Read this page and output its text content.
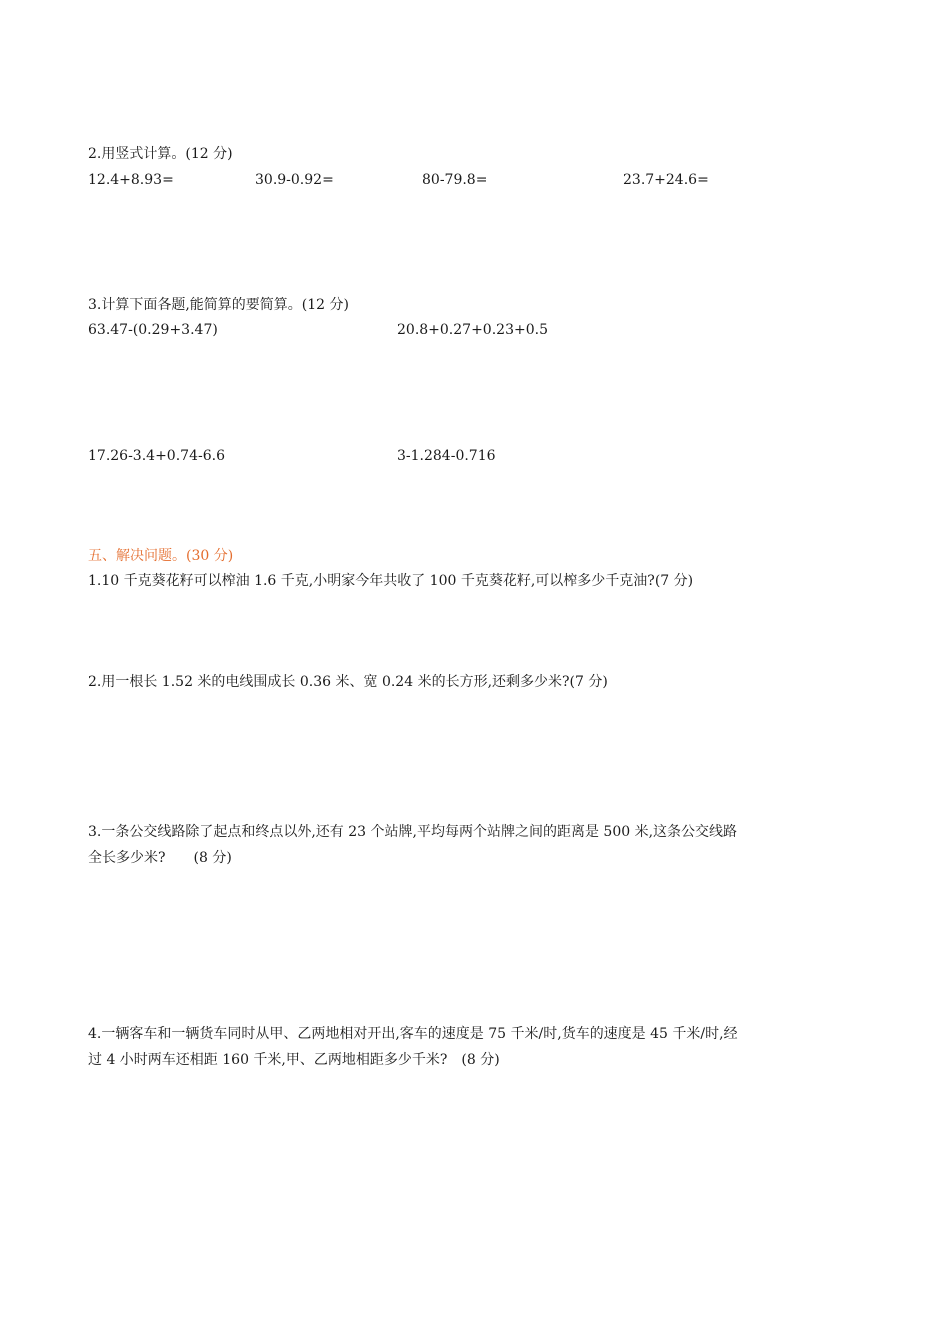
2.用竖式计算。(12 分)
12.4+8.93=	30.9-0.92=	80-79.8=	23.7+24.6=
3.计算下面各题,能简算的要简算。(12 分)
63.47-(0.29+3.47)	20.8+0.27+0.23+0.5
17.26-3.4+0.74-6.6	3-1.284-0.716
五、解决问题。(30 分)
1.10 千克葵花籽可以榨油 1.6 千克,小明家今年共收了 100 千克葵花籽,可以榨多少千克油?(7 分)
2.用一根长 1.52 米的电线围成长 0.36 米、宽 0.24 米的长方形,还剩多少米?(7 分)
3.一条公交线路除了起点和终点以外,还有 23 个站牌,平均每两个站牌之间的距离是 500 米,这条公交线路
全长多少米?　　(8 分)
4.一辆客车和一辆货车同时从甲、乙两地相对开出,客车的速度是 75 千米/时,货车的速度是 45 千米/时,经
过 4 小时两车还相距 160 千米,甲、乙两地相距多少千米?　(8 分)
